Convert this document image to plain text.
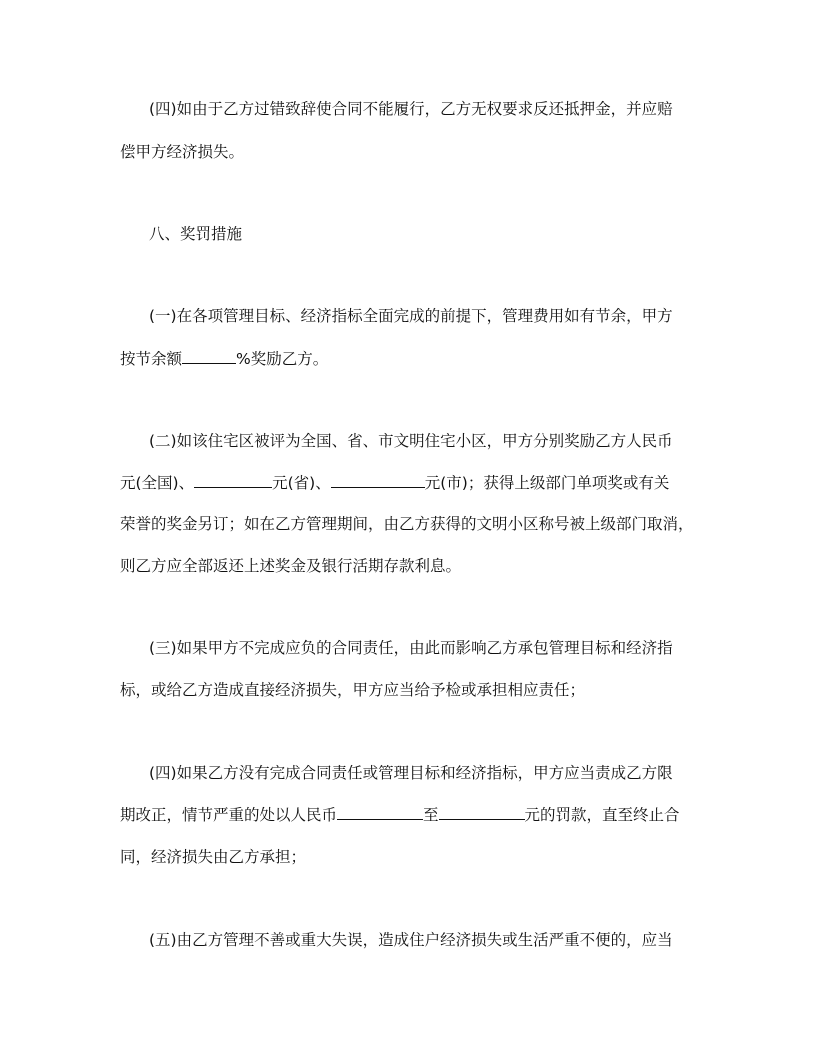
(四)如由于乙方过错致辞使合同不能履行，乙方无权要求反还抵押金，并应赔
偿甲方经济损失。
八、奖罚措施
(一)在各项管理目标、经济指标全面完成的前提下，管理费用如有节余，甲方
按节余额	%奖励乙方。
(二)如该住宅区被评为全国、省、市文明住宅小区，甲方分别奖励乙方人民币
元(全国)、	元(省)、	元(市)；获得上级部门单项奖或有关
荣誉的奖金另订；如在乙方管理期间，由乙方获得的文明小区称号被上级部门取消，
则乙方应全部返还上述奖金及银行活期存款利息。
(三)如果甲方不完成应负的合同责任，由此而影响乙方承包管理目标和经济指
标，或给乙方造成直接经济损失，甲方应当给予检或承担相应责任；
(四)如果乙方没有完成合同责任或管理目标和经济指标，甲方应当责成乙方限
期改正，情节严重的处以人民币	至	元的罚款，直至终止合
同，经济损失由乙方承担；
(五)由乙方管理不善或重大失误，造成住户经济损失或生活严重不便的，应当
